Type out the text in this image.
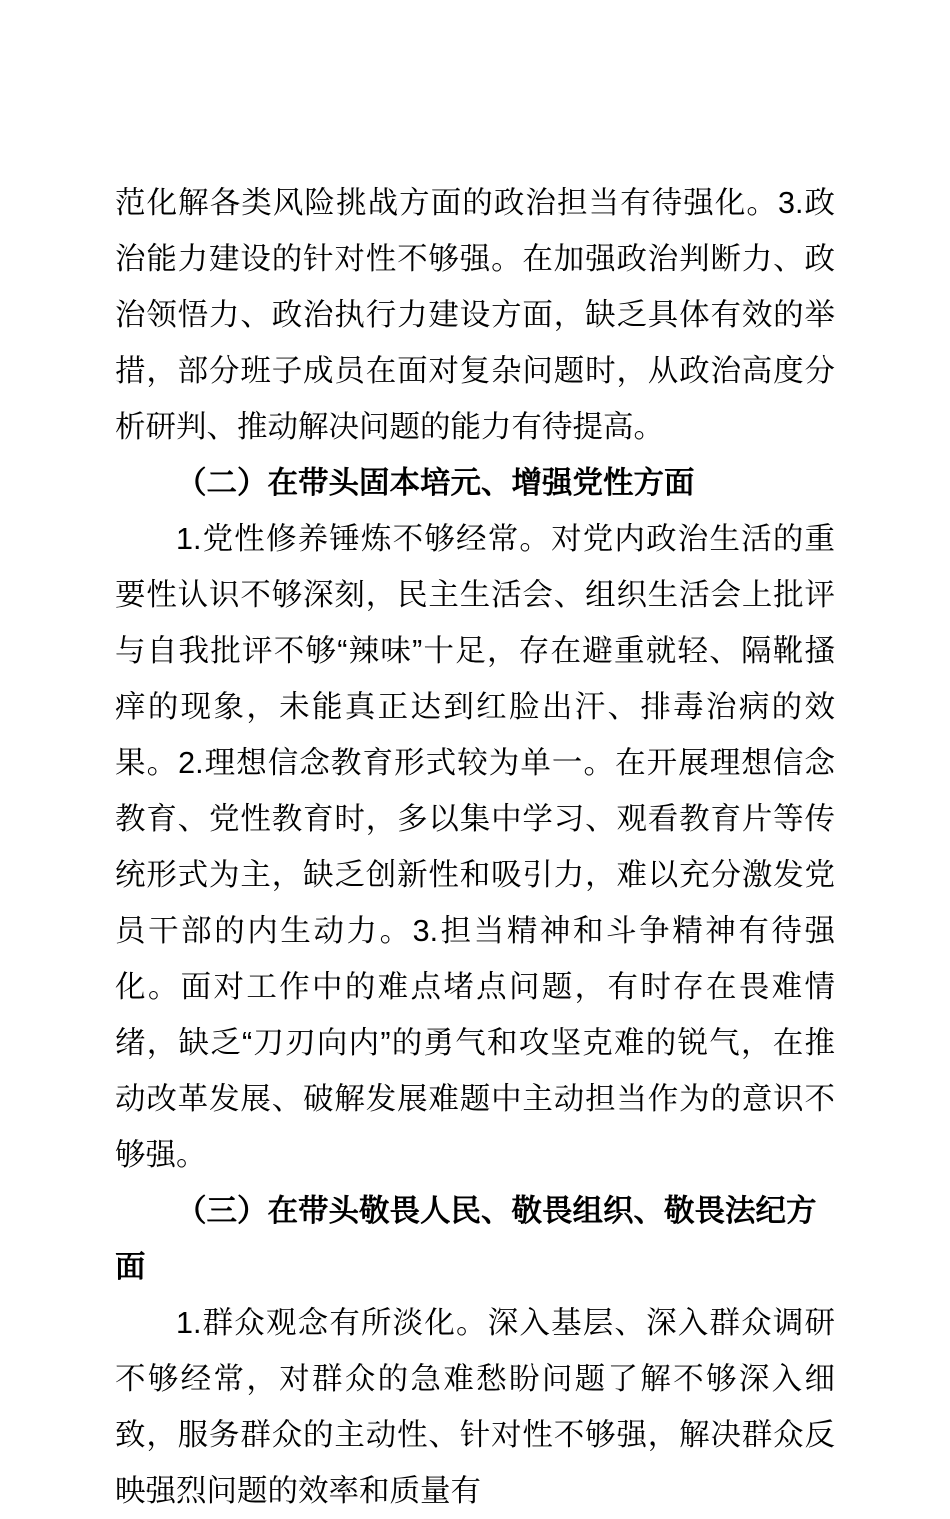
范化解各类风险挑战方面的政治担当有待强化。3.政治能力建设的针对性不够强。在加强政治判断力、政治领悟力、政治执行力建设方面，缺乏具体有效的举措，部分班子成员在面对复杂问题时，从政治高度分析研判、推动解决问题的能力有待提高。

（二）在带头固本培元、增强党性方面

1.党性修养锤炼不够经常。对党内政治生活的重要性认识不够深刻，民主生活会、组织生活会上批评与自我批评不够“辣味”十足，存在避重就轻、隔靴搔痒的现象，未能真正达到红脸出汗、排毒治病的效果。2.理想信念教育形式较为单一。在开展理想信念教育、党性教育时，多以集中学习、观看教育片等传统形式为主，缺乏创新性和吸引力，难以充分激发党员干部的内生动力。3.担当精神和斗争精神有待强化。面对工作中的难点堵点问题，有时存在畏难情绪，缺乏“刀刃向内”的勇气和攻坚克难的锐气，在推动改革发展、破解发展难题中主动担当作为的意识不够强。

（三）在带头敬畏人民、敬畏组织、敬畏法纪方面

1.群众观念有所淡化。深入基层、深入群众调研不够经常，对群众的急难愁盼问题了解不够深入细致，服务群众的主动性、针对性不够强，解决群众反映强烈问题的效率和质量有
